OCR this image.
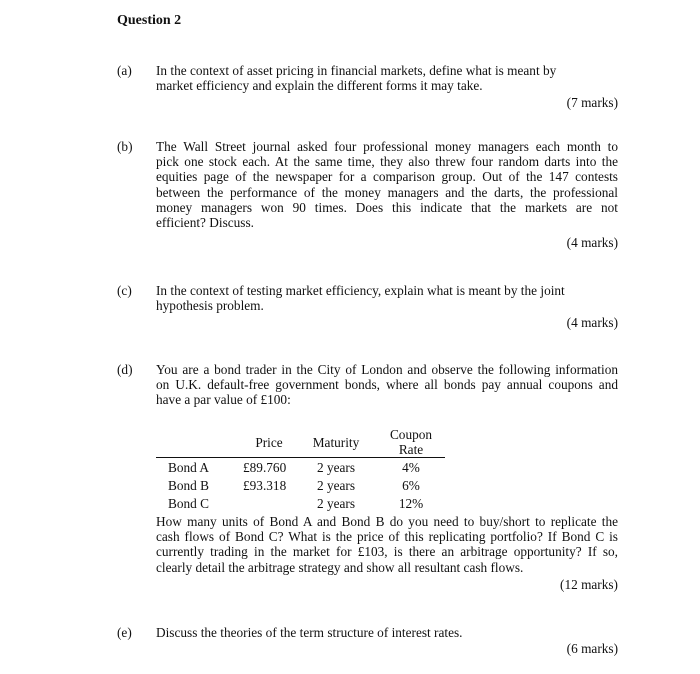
Question 2
(a) In the context of asset pricing in financial markets, define what is meant by
market efficiency and explain the different forms it may take.
(7 marks)
(b) The Wall Street journal asked four professional money managers each month to
pick one stock each. At the same time, they also threw four random darts into the
equities page of the newspaper for a comparison group. Out of the 147 contests
between the performance of the money managers and the darts, the professional
money managers won 90 times. Does this indicate that the markets are not
efficient? Discuss.
(4 marks)
(c) In the context of testing market efficiency, explain what is meant by the joint
hypothesis problem.
(4 marks)
(d) You are a bond trader in the City of London and observe the following information
on U.K. default-free government bonds, where all bonds pay annual coupons and
have a par value of £100:
	Price	Maturity	Coupon Rate
Bond A	£89.760	2 years	4%
Bond B	£93.318	2 years	6%
Bond C		2 years	12%
How many units of Bond A and Bond B do you need to buy/short to replicate the
cash flows of Bond C? What is the price of this replicating portfolio? If Bond C is
currently trading in the market for £103, is there an arbitrage opportunity? If so,
clearly detail the arbitrage strategy and show all resultant cash flows.
(12 marks)
(e) Discuss the theories of the term structure of interest rates.
(6 marks)
